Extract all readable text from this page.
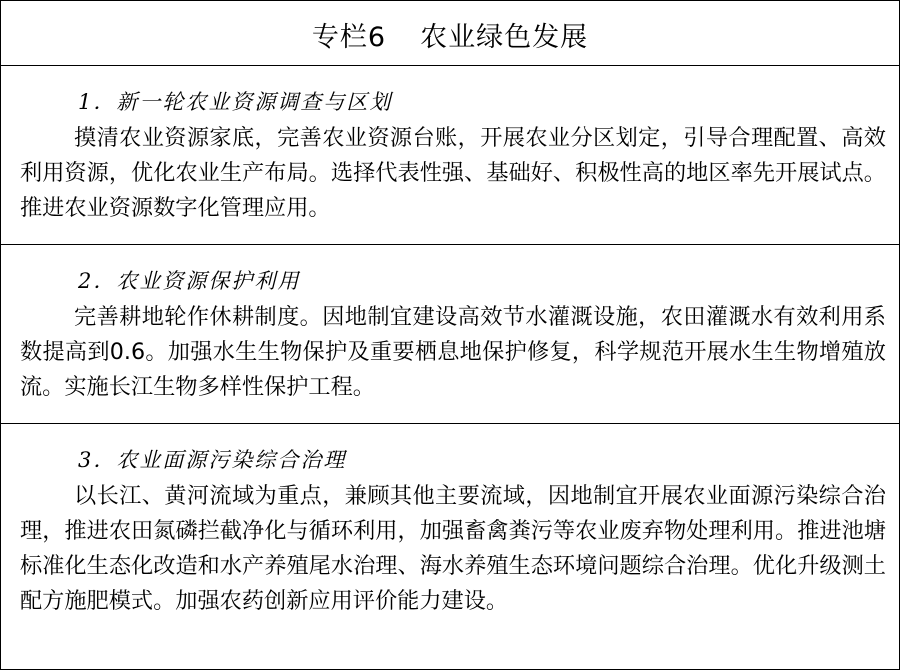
专栏6 农业绿色发展
1．新一轮农业资源调查与区划
摸清农业资源家底，完善农业资源台账，开展农业分区划定，引导合理配置、高效利用资源，优化农业生产布局。选择代表性强、基础好、积极性高的地区率先开展试点。推进农业资源数字化管理应用。
2．农业资源保护利用
完善耕地轮作休耕制度。因地制宜建设高效节水灌溉设施，农田灌溉水有效利用系数提高到0.6。加强水生生物保护及重要栖息地保护修复，科学规范开展水生生物增殖放流。实施长江生物多样性保护工程。
3．农业面源污染综合治理
以长江、黄河流域为重点，兼顾其他主要流域，因地制宜开展农业面源污染综合治理，推进农田氮磷拦截净化与循环利用，加强畜禽粪污等农业废弃物处理利用。推进池塘标准化生态化改造和水产养殖尾水治理、海水养殖生态环境问题综合治理。优化升级测土配方施肥模式。加强农药创新应用评价能力建设。
